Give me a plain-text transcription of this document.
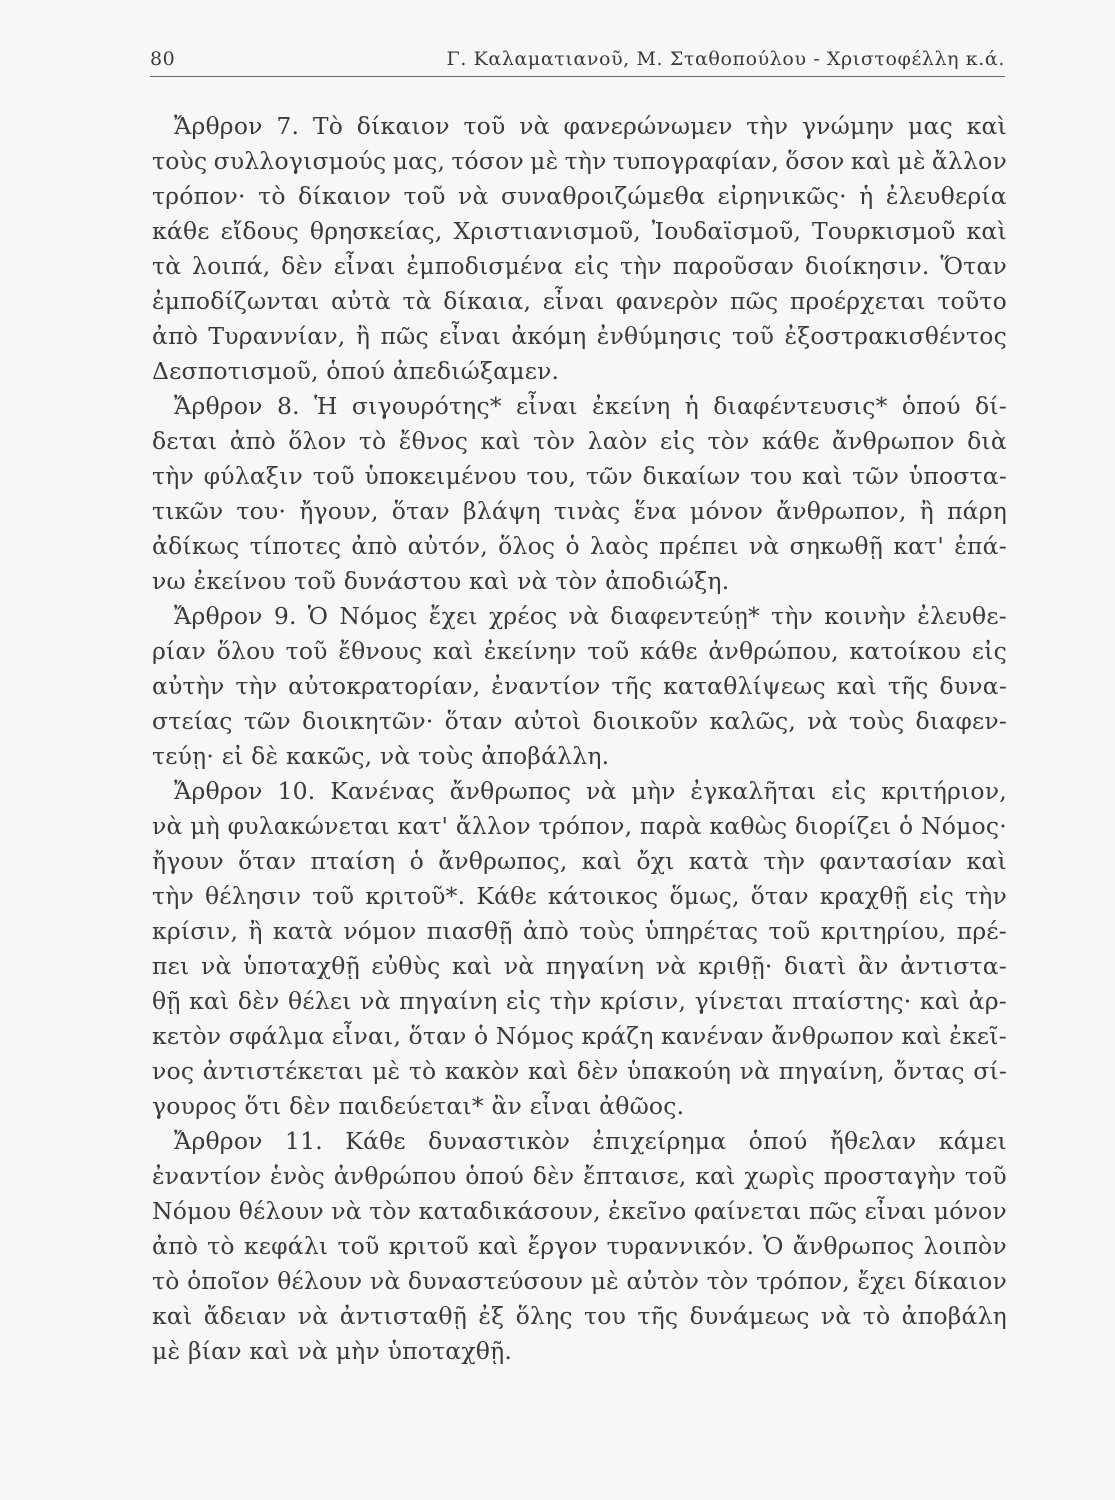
80	Γ. Καλαματιανοῦ, Μ. Σταθοπούλου - Χριστοφέλλη κ.ά.
Ἄρθρον 7. Τὸ δίκαιον τοῦ νὰ φανερώνωμεν τὴν γνώμην μας καὶ
τοὺς συλλογισμούς μας, τόσον μὲ τὴν τυπογραφίαν, ὅσον καὶ μὲ ἄλλον
τρόπον· τὸ δίκαιον τοῦ νὰ συναθροιζώμεθα εἰρηνικῶς· ἡ ἐλευθερία
κάθε εἴδους θρησκείας, Χριστιανισμοῦ, Ἰουδαϊσμοῦ, Τουρκισμοῦ καὶ
τὰ λοιπά, δὲν εἶναι ἐμποδισμένα εἰς τὴν παροῦσαν διοίκησιν. Ὅταν
ἐμποδίζωνται αὐτὰ τὰ δίκαια, εἶναι φανερὸν πῶς προέρχεται τοῦτο
ἀπὸ Τυραννίαν, ἢ πῶς εἶναι ἀκόμη ἐνθύμησις τοῦ ἐξοστρακισθέντος
Δεσποτισμοῦ,
ὁπού
ἀπεδιώξαμεν.
Ἄρθρον 8. Ἡ σιγουρότης* εἶναι ἐκείνη ἡ διαφέντευσις* ὁπού δί-
δεται ἀπὸ ὅλον τὸ ἔθνος καὶ τὸν λαὸν εἰς τὸν κάθε ἄνθρωπον διὰ
τὴν φύλαξιν τοῦ ὑποκειμένου του, τῶν δικαίων του καὶ τῶν ὑποστα-
τικῶν του· ἤγουν, ὅταν βλάψη τινὰς ἕνα μόνον ἄνθρωπον, ἢ πάρη
ἀδίκως τίποτες ἀπὸ αὐτόν, ὅλος ὁ λαὸς πρέπει νὰ σηκωθῇ κατ' ἐπά-
νω
ἐκείνου
τοῦ
δυνάστου
καὶ
νὰ
τὸν
ἀποδιώξη.
Ἄρθρον 9. Ὁ Νόμος ἔχει χρέος νὰ διαφεντεύῃ* τὴν κοινὴν ἐλευθε-
ρίαν ὅλου τοῦ ἔθνους καὶ ἐκείνην τοῦ κάθε ἀνθρώπου, κατοίκου εἰς
αὐτὴν τὴν αὐτοκρατορίαν, ἐναντίον τῆς καταθλίψεως καὶ τῆς δυνα-
στείας τῶν διοικητῶν· ὅταν αὐτοὶ διοικοῦν καλῶς, νὰ τοὺς διαφεν-
τεύῃ·
εἰ
δὲ
κακῶς,
νὰ
τοὺς
ἀποβάλλη.
Ἄρθρον 10. Κανένας ἄνθρωπος νὰ μὴν ἐγκαλῆται εἰς κριτήριον,
νὰ μὴ φυλακώνεται κατ' ἄλλον τρόπον, παρὰ καθὼς διορίζει ὁ Νόμος·
ἤγουν ὅταν πταίση ὁ ἄνθρωπος, καὶ ὄχι κατὰ τὴν φαντασίαν καὶ
τὴν θέλησιν τοῦ κριτοῦ*. Κάθε κάτοικος ὅμως, ὅταν κραχθῇ εἰς τὴν
κρίσιν, ἢ κατὰ νόμον πιασθῇ ἀπὸ τοὺς ὑπηρέτας τοῦ κριτηρίου, πρέ-
πει νὰ ὑποταχθῇ εὐθὺς καὶ νὰ πηγαίνη νὰ κριθῇ· διατὶ ἂν ἀντιστα-
θῇ καὶ δὲν θέλει νὰ πηγαίνη εἰς τὴν κρίσιν, γίνεται πταίστης· καὶ ἀρ-
κετὸν σφάλμα εἶναι, ὅταν ὁ Νόμος κράζη κανέναν ἄνθρωπον καὶ ἐκεῖ-
νος ἀντιστέκεται μὲ τὸ κακὸν καὶ δὲν ὑπακούη νὰ πηγαίνη, ὄντας σί-
γουρος
ὅτι
δὲν
παιδεύεται*
ἂν
εἶναι
ἀθῶος.
Ἄρθρον 11. Κάθε δυναστικὸν ἐπιχείρημα ὁπού ἤθελαν κάμει
ἐναντίον ἑνὸς ἀνθρώπου ὁπού δὲν ἔπταισε, καὶ χωρὶς προσταγὴν τοῦ
Νόμου θέλουν νὰ τὸν καταδικάσουν, ἐκεῖνο φαίνεται πῶς εἶναι μόνον
ἀπὸ τὸ κεφάλι τοῦ κριτοῦ καὶ ἔργον τυραννικόν. Ὁ ἄνθρωπος λοιπὸν
τὸ ὁποῖον θέλουν νὰ δυναστεύσουν μὲ αὐτὸν τὸν τρόπον, ἔχει δίκαιον
καὶ ἄδειαν νὰ ἀντισταθῇ ἐξ ὅλης του τῆς δυνάμεως νὰ τὸ ἀποβάλη
μὲ
βίαν
καὶ
νὰ
μὴν
ὑποταχθῇ.
